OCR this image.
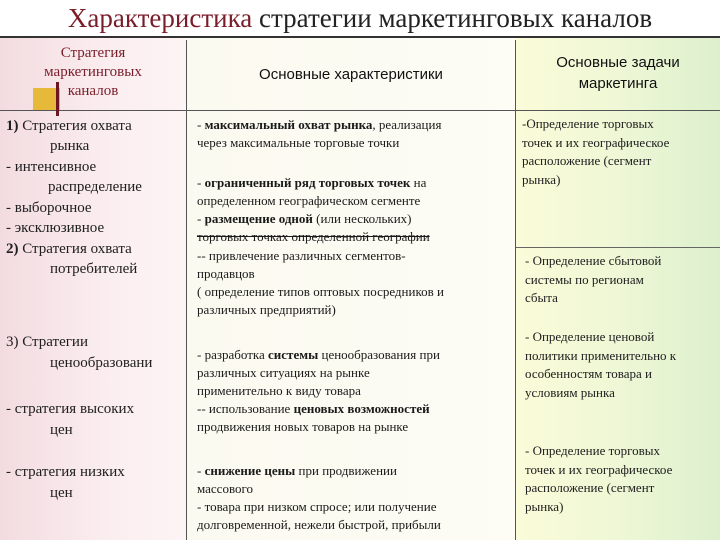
Характеристика стратегии маркетинговых каналов
Стратегия
маркетинговых
каналов
Основные характеристики
Основные задачи
маркетинга
1) Стратегия охвата
рынка
- интенсивное
распределение
- выборочное
- эксклюзивное
2) Стратегия охвата
потребителей
3) Стратегии
ценообразовани
- стратегия высоких
цен
- стратегия низких
цен
- максимальный охват рынка, реализация
через максимальные торговые точки
- ограниченный ряд торговых точек на
определенном географическом сегменте
- размещение одной (или нескольких)
торговых точках определенной географии
-- привлечение различных сегментов-
продавцов
( определение типов оптовых посредников и
различных предприятий)
- разработка системы ценообразования при
различных ситуациях на рынке
применительно к виду товара
-- использование ценовых возможностей
продвижения новых товаров на рынке
- снижение цены при продвижении
массового
- товара при низком спросе; или получение
долговременной, нежели быстрой, прибыли
-Определение торговых
точек и их географическое
расположение (сегмент
рынка)
- Определение сбытовой
системы по регионам
сбыта
- Определение ценовой
политики применительно к
особенностям товара и
условиям рынка
- Определение торговых
точек и их географическое
расположение (сегмент
рынка)
